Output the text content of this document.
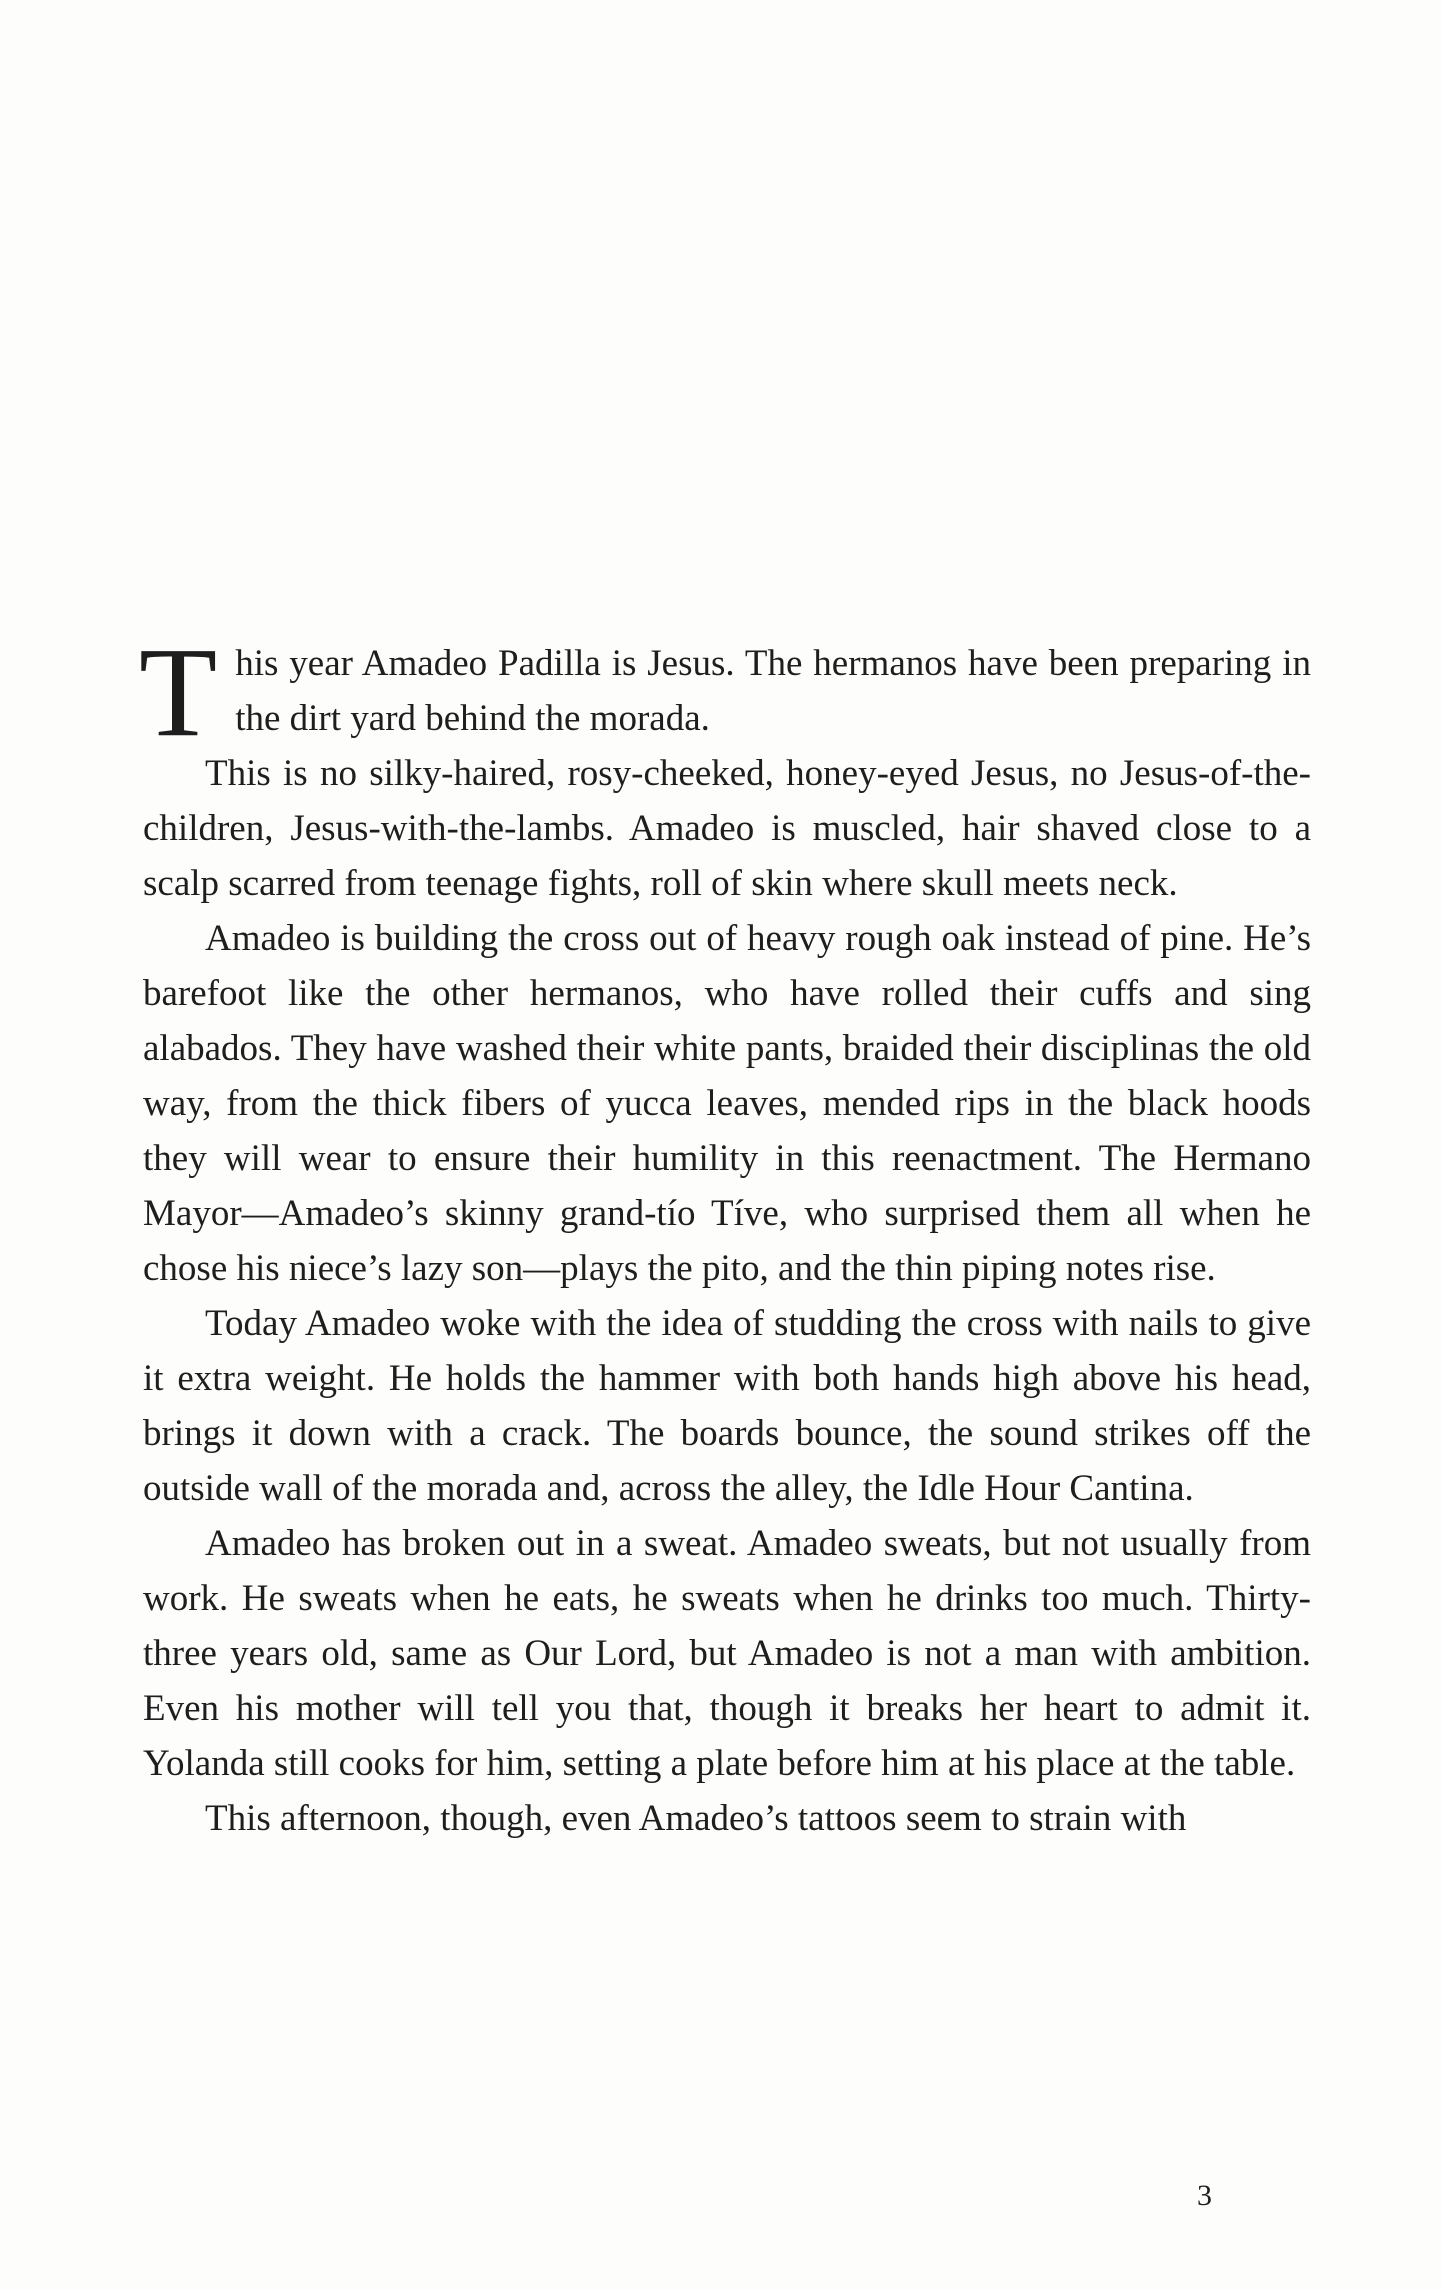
This year Amadeo Padilla is Jesus. The hermanos have been preparing in the dirt yard behind the morada.

This is no silky-haired, rosy-cheeked, honey-eyed Jesus, no Jesus-of-the-children, Jesus-with-the-lambs. Amadeo is muscled, hair shaved close to a scalp scarred from teenage fights, roll of skin where skull meets neck.

Amadeo is building the cross out of heavy rough oak instead of pine. He’s barefoot like the other hermanos, who have rolled their cuffs and sing alabados. They have washed their white pants, braided their disciplinas the old way, from the thick fibers of yucca leaves, mended rips in the black hoods they will wear to ensure their humility in this reenactment. The Hermano Mayor—Amadeo’s skinny grand-tío Tíve, who surprised them all when he chose his niece’s lazy son—plays the pito, and the thin piping notes rise.

Today Amadeo woke with the idea of studding the cross with nails to give it extra weight. He holds the hammer with both hands high above his head, brings it down with a crack. The boards bounce, the sound strikes off the outside wall of the morada and, across the alley, the Idle Hour Cantina.

Amadeo has broken out in a sweat. Amadeo sweats, but not usually from work. He sweats when he eats, he sweats when he drinks too much. Thirty-three years old, same as Our Lord, but Amadeo is not a man with ambition. Even his mother will tell you that, though it breaks her heart to admit it. Yolanda still cooks for him, setting a plate before him at his place at the table.

This afternoon, though, even Amadeo’s tattoos seem to strain with

3
